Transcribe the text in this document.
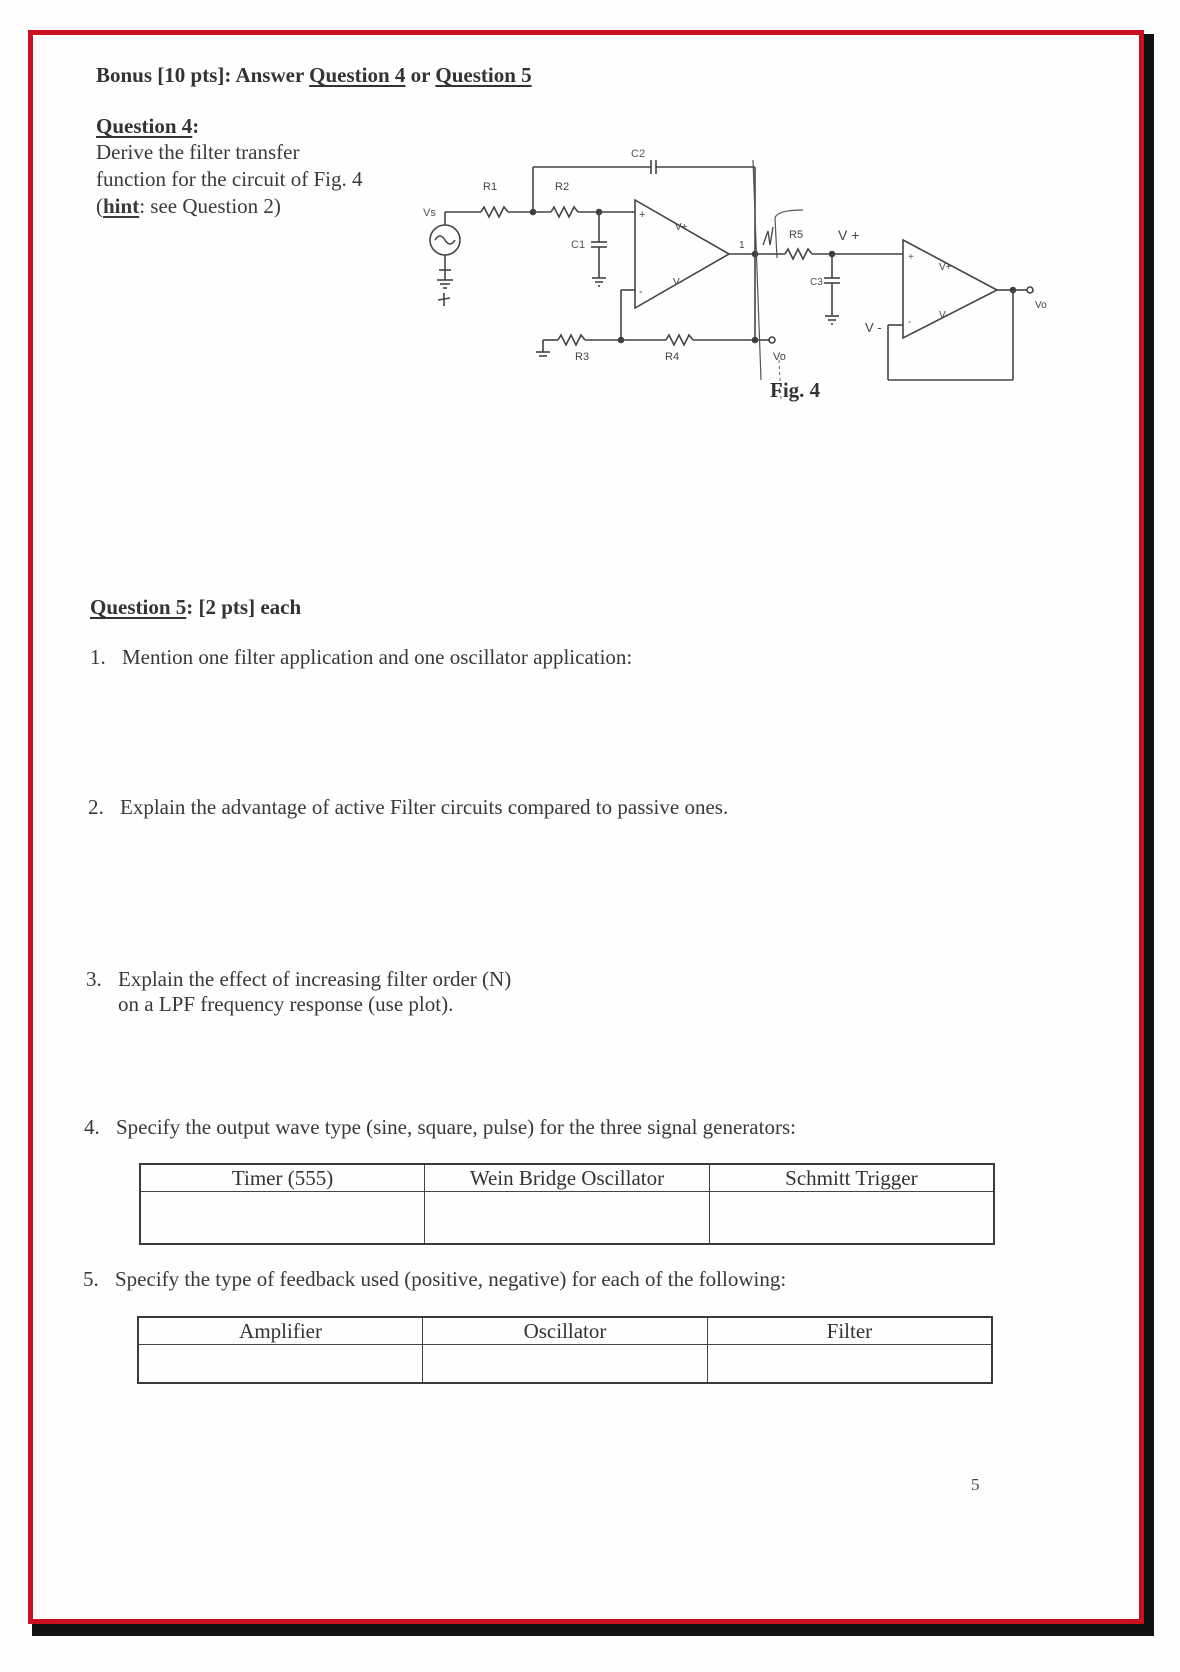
Bonus [10 pts]: Answer Question 4 or Question 5
Question 4:
Derive the filter transfer
function for the circuit of Fig. 4
(hint: see Question 2)	Vs
R1
C2
R2
C1
+
-
V+
V-
1
R3	R4	Vo
R5 V +
C3
+
-
V+
V-
V -
Vo
Fig. 4
Question 5: [2 pts] each
1. Mention one filter application and one oscillator application:
2. Explain the advantage of active Filter circuits compared to passive ones.
3. Explain the effect of increasing filter order (N)
on a LPF frequency response (use plot).
4. Specify the output wave type (sine, square, pulse) for the three signal generators:
Timer (555)	Wein Bridge Oscillator	Schmitt Trigger

5. Specify the type of feedback used (positive, negative) for each of the following:
Amplifier	Oscillator	Filter

5
